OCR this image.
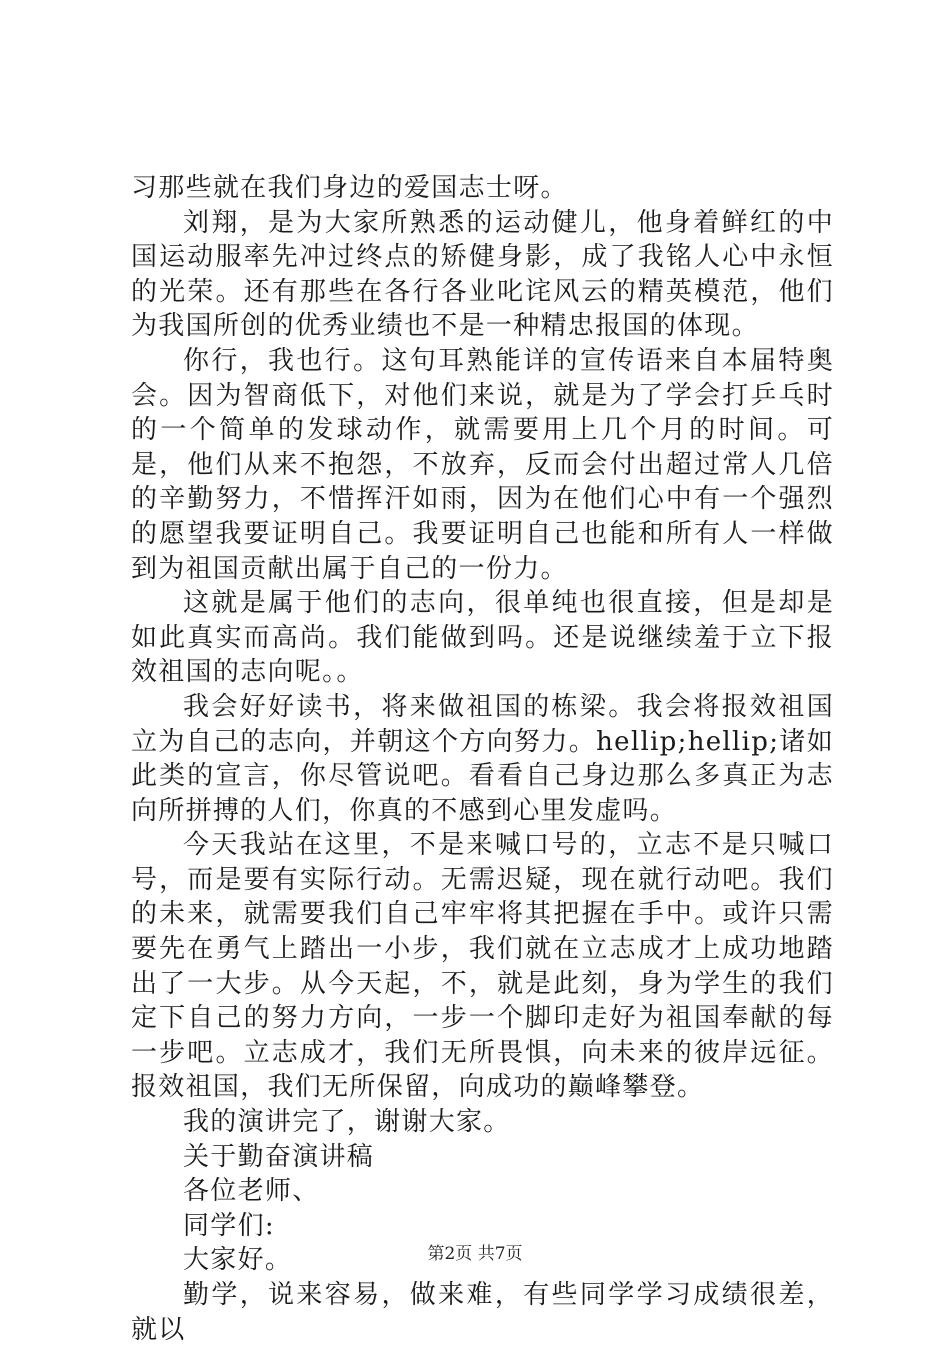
习那些就在我们身边的爱国志士呀。

刘翔，是为大家所熟悉的运动健儿，他身着鲜红的中国运动服率先冲过终点的矫健身影，成了我铭人心中永恒的光荣。还有那些在各行各业叱诧风云的精英模范，他们为我国所创的优秀业绩也不是一种精忠报国的体现。

你行，我也行。这句耳熟能详的宣传语来自本届特奥会。因为智商低下，对他们来说，就是为了学会打乒乓时的一个简单的发球动作，就需要用上几个月的时间。可是，他们从来不抱怨，不放弃，反而会付出超过常人几倍的辛勤努力，不惜挥汗如雨，因为在他们心中有一个强烈的愿望我要证明自己。我要证明自己也能和所有人一样做到为祖国贡献出属于自己的一份力。

这就是属于他们的志向，很单纯也很直接，但是却是如此真实而高尚。我们能做到吗。还是说继续羞于立下报效祖国的志向呢。。

我会好好读书，将来做祖国的栋梁。我会将报效祖国立为自己的志向，并朝这个方向努力。hellip;hellip;诸如此类的宣言，你尽管说吧。看看自己身边那么多真正为志向所拼搏的人们，你真的不感到心里发虚吗。

今天我站在这里，不是来喊口号的，立志不是只喊口号，而是要有实际行动。无需迟疑，现在就行动吧。我们的未来，就需要我们自己牢牢将其把握在手中。或许只需要先在勇气上踏出一小步，我们就在立志成才上成功地踏出了一大步。从今天起，不，就是此刻，身为学生的我们定下自己的努力方向，一步一个脚印走好为祖国奉献的每一步吧。立志成才，我们无所畏惧，向未来的彼岸远征。报效祖国，我们无所保留，向成功的巅峰攀登。

我的演讲完了，谢谢大家。

关于勤奋演讲稿

各位老师、

同学们:

大家好。

勤学，说来容易，做来难，有些同学学习成绩很差，就以

第2页 共7页
